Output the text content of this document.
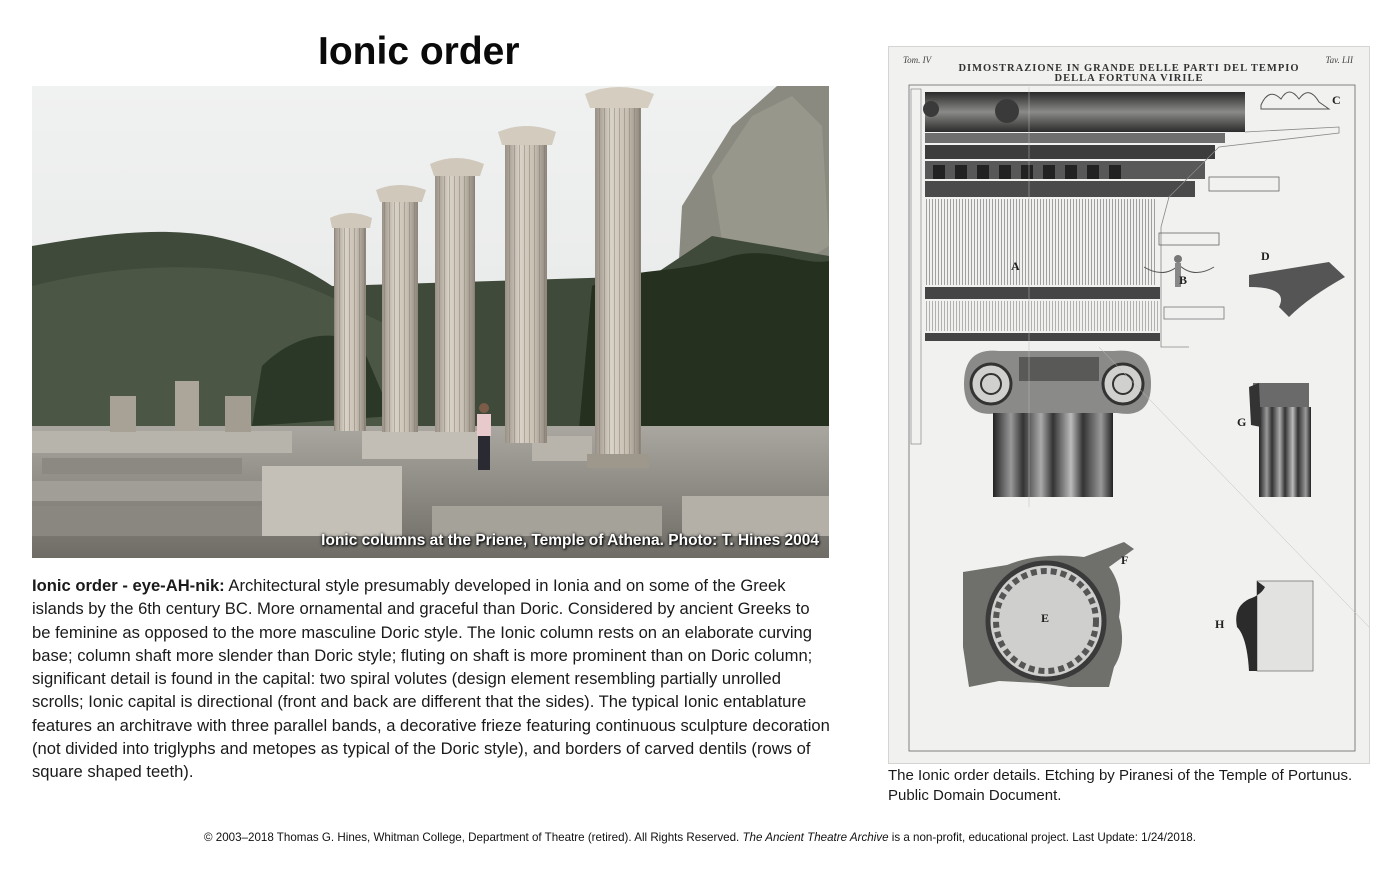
Ionic order
Ionic columns at the Priene, Temple of Athena. Photo: T. Hines 2004

Ionic order - eye-AH-nik: Architectural style presumably developed in Ionia and on some of the Greek islands by the 6th century BC. More ornamental and graceful than Doric. Considered by ancient Greeks to be feminine as opposed to the more masculine Doric style. The Ionic column rests on an elaborate curving base; column shaft more slender than Doric style; fluting on shaft is more prominent than on Doric column; significant detail is found in the capital: two spiral volutes (design element resembling partially unrolled scrolls; Ionic capital is directional (front and back are different that the sides). The typical Ionic entablature features an architrave with three parallel bands, a decorative frieze featuring continuous sculpture decoration (not divided into triglyphs and metopes as typical of the Doric style), and borders of carved dentils (rows of square shaped teeth).

Tom. IV	Tav. LII
DIMOSTRAZIONE IN GRANDE DELLE PARTI DEL TEMPIO
DELLA FORTUNA VIRILE
A
B
C
D
E
F
G
H

The Ionic order details. Etching by Piranesi of the Temple of Portunus. Public Domain Document.

© 2003–2018 Thomas G. Hines, Whitman College, Department of Theatre (retired). All Rights Reserved. The Ancient Theatre Archive is a non-profit, educational project. Last Update: 1/24/2018.
